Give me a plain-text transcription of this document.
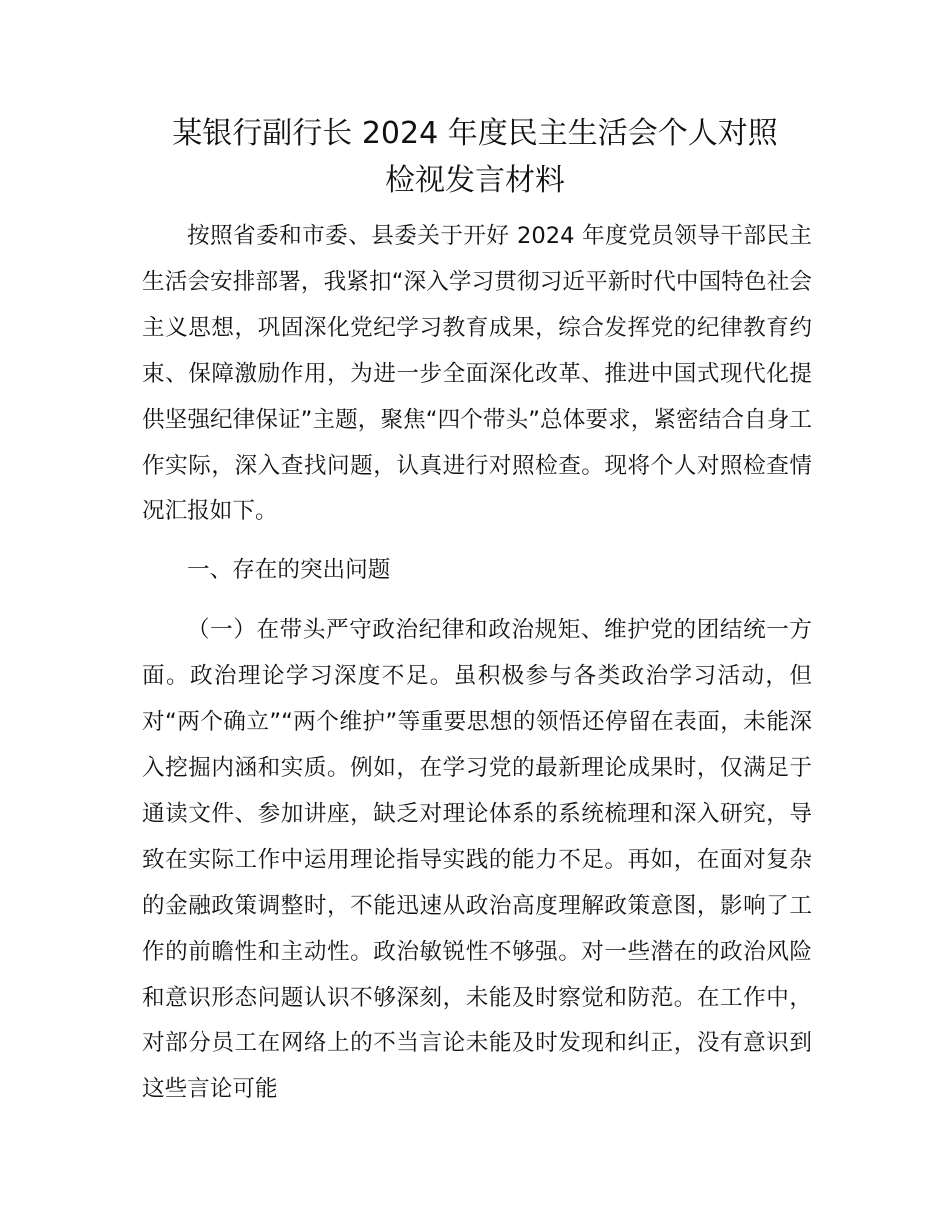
某银行副行长 2024 年度民主生活会个人对照
检视发言材料

按照省委和市委、县委关于开好 2024 年度党员领导干部民主生活会安排部署，我紧扣“深入学习贯彻习近平新时代中国特色社会主义思想，巩固深化党纪学习教育成果，综合发挥党的纪律教育约束、保障激励作用，为进一步全面深化改革、推进中国式现代化提供坚强纪律保证”主题，聚焦“四个带头”总体要求，紧密结合自身工作实际，深入查找问题，认真进行对照检查。现将个人对照检查情况汇报如下。

一、存在的突出问题

（一）在带头严守政治纪律和政治规矩、维护党的团结统一方面。政治理论学习深度不足。虽积极参与各类政治学习活动，但对“两个确立”“两个维护”等重要思想的领悟还停留在表面，未能深入挖掘内涵和实质。例如，在学习党的最新理论成果时，仅满足于通读文件、参加讲座，缺乏对理论体系的系统梳理和深入研究，导致在实际工作中运用理论指导实践的能力不足。再如，在面对复杂的金融政策调整时，不能迅速从政治高度理解政策意图，影响了工作的前瞻性和主动性。政治敏锐性不够强。对一些潜在的政治风险和意识形态问题认识不够深刻，未能及时察觉和防范。在工作中，对部分员工在网络上的不当言论未能及时发现和纠正，没有意识到这些言论可能
